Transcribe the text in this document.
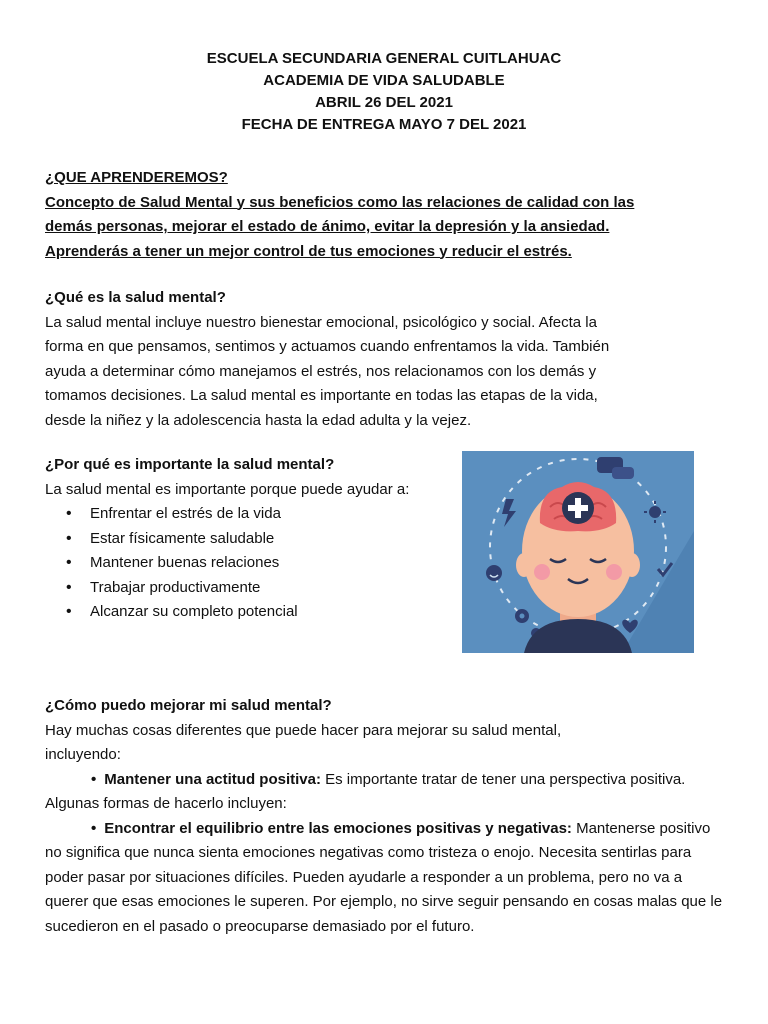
ESCUELA SECUNDARIA GENERAL CUITLAHUAC
ACADEMIA DE VIDA SALUDABLE
ABRIL 26 DEL 2021
FECHA DE ENTREGA MAYO 7 DEL 2021
¿QUE APRENDEREMOS?
Concepto de Salud Mental y sus beneficios como las relaciones de calidad con las
demás personas, mejorar el estado de ánimo, evitar la depresión y la ansiedad.
Aprenderás a tener un mejor control de tus emociones y reducir el estrés.
¿Qué es la salud mental?
La salud mental incluye nuestro bienestar emocional, psicológico y social. Afecta la
forma en que pensamos, sentimos y actuamos cuando enfrentamos la vida. También
ayuda a determinar cómo manejamos el estrés, nos relacionamos con los demás y
tomamos decisiones. La salud mental es importante en todas las etapas de la vida,
desde la niñez y la adolescencia hasta la edad adulta y la vejez.
¿Por qué es importante la salud mental?
La salud mental es importante porque puede ayudar a:
• Enfrentar el estrés de la vida
• Estar físicamente saludable
• Mantener buenas relaciones
• Trabajar productivamente
• Alcanzar su completo potencial
¿Cómo puedo mejorar mi salud mental?
Hay muchas cosas diferentes que puede hacer para mejorar su salud mental,
incluyendo:
• Mantener una actitud positiva: Es importante tratar de tener una perspectiva positiva. Algunas formas de hacerlo incluyen:
• Encontrar el equilibrio entre las emociones positivas y negativas: Mantenerse positivo no significa que nunca sienta emociones negativas como tristeza o enojo. Necesita sentirlas para poder pasar por situaciones difíciles. Pueden ayudarle a responder a un problema, pero no va a querer que esas emociones le superen. Por ejemplo, no sirve seguir pensando en cosas malas que le sucedieron en el pasado o preocuparse demasiado por el futuro.
